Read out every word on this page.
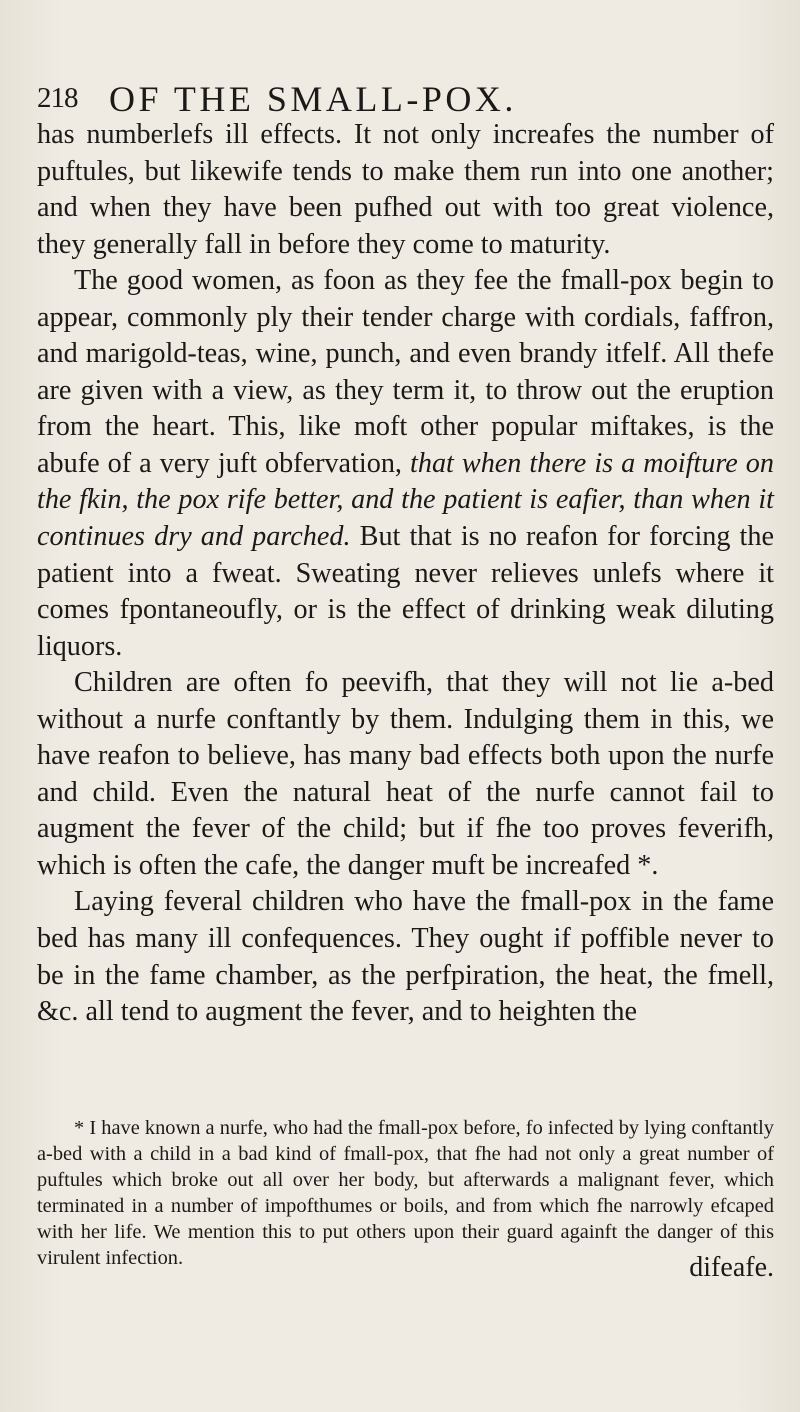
218 OF THE SMALL-POX.

has numberlefs ill effects. It not only increafes the number of puftules, but likewife tends to make them run into one another; and when they have been pufhed out with too great violence, they generally fall in before they come to maturity.

The good women, as foon as they fee the fmall-pox begin to appear, commonly ply their tender charge with cordials, faffron, and marigold-teas, wine, punch, and even brandy itfelf. All thefe are given with a view, as they term it, to throw out the eruption from the heart. This, like moft other popular miftakes, is the abufe of a very juft obfervation, that when there is a moifture on the fkin, the pox rife better, and the patient is eafier, than when it continues dry and parched. But that is no reafon for forcing the patient into a fweat. Sweating never relieves unlefs where it comes fpontaneoufly, or is the effect of drinking weak diluting liquors.

Children are often fo peevifh, that they will not lie a-bed without a nurfe conftantly by them. Indulging them in this, we have reafon to believe, has many bad effects both upon the nurfe and child. Even the natural heat of the nurfe cannot fail to augment the fever of the child; but if fhe too proves feverifh, which is often the cafe, the danger muft be increafed *.

Laying feveral children who have the fmall-pox in the fame bed has many ill confequences. They ought if poffible never to be in the fame chamber, as the perfpiration, the heat, the fmell, &c. all tend to augment the fever, and to heighten the

* I have known a nurfe, who had the fmall-pox before, fo infected by lying conftantly a-bed with a child in a bad kind of fmall-pox, that fhe had not only a great number of puftules which broke out all over her body, but afterwards a malignant fever, which terminated in a number of impofthumes or boils, and from which fhe narrowly efcaped with her life. We mention this to put others upon their guard againft the danger of this virulent infection.	difeafe.
